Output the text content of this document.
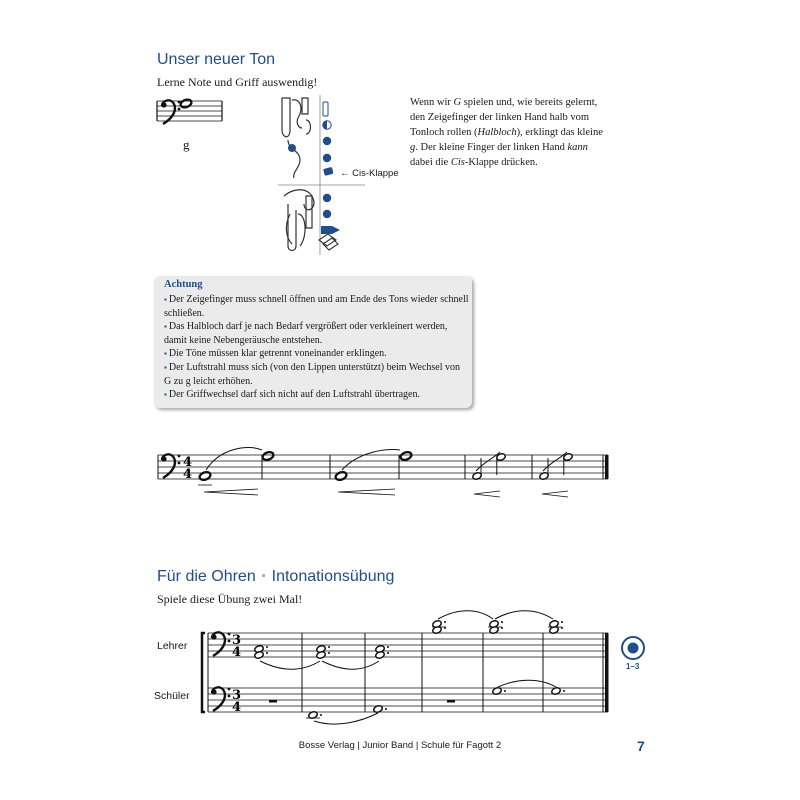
Unser neuer Ton
Lerne Note und Griff auswendig!
g
← Cis-Klappe
Wenn wir G spielen und, wie bereits gelernt, den Zeigefinger der linken Hand halb vom Tonloch rollen (Halbloch), erklingt das kleine g. Der kleine Finger der linken Hand kann dabei die Cis-Klappe drücken.
Achtung
▪ Der Zeigefinger muss schnell öffnen und am Ende des Tons wieder schnell schließen.
▪ Das Halbloch darf je nach Bedarf vergrößert oder verkleinert werden, damit keine Nebengeräusche entstehen.
▪ Die Töne müssen klar getrennt voneinander erklingen.
▪ Der Luftstrahl muss sich (von den Lippen unterstützt) beim Wechsel von G zu g leicht erhöhen.
▪ Der Griffwechsel darf sich nicht auf den Luftstrahl übertragen.
Für die Ohren ▪ Intonationsübung
Spiele diese Übung zwei Mal!
Lehrer
Schüler
1–3
Bosse Verlag | Junior Band | Schule für Fagott 2	7
4
4
3
4
3
4
